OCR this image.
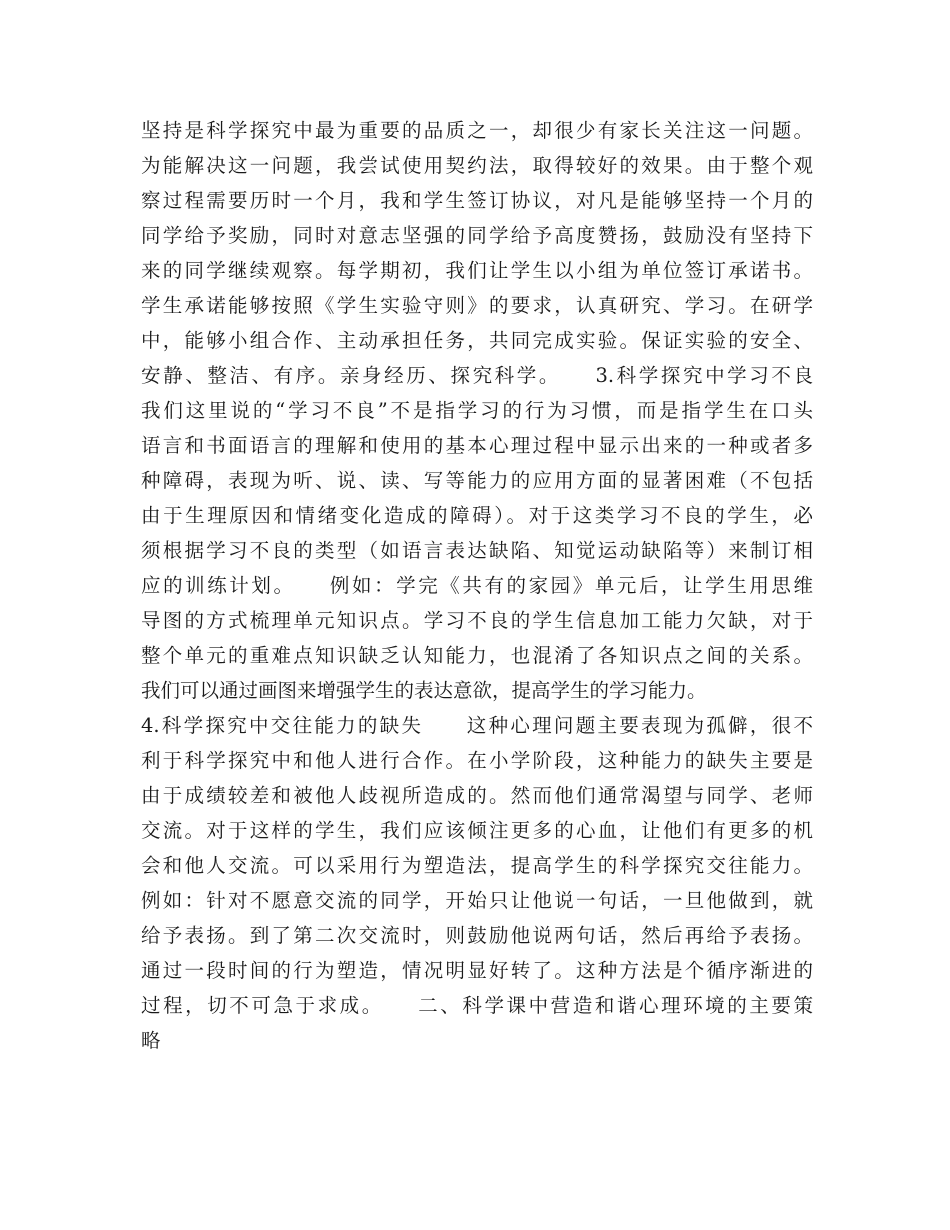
坚持是科学探究中最为重要的品质之一，却很少有家长关注这一问题。
为能解决这一问题，我尝试使用契约法，取得较好的效果。由于整个观
察过程需要历时一个月，我和学生签订协议，对凡是能够坚持一个月的
同学给予奖励，同时对意志坚强的同学给予高度赞扬，鼓励没有坚持下
来的同学继续观察。每学期初，我们让学生以小组为单位签订承诺书。
学生承诺能够按照《学生实验守则》的要求，认真研究、学习。在研学
中，能够小组合作、主动承担任务，共同完成实验。保证实验的安全、
安静、整洁、有序。亲身经历、探究科学。　　3.科学探究中学习不良
我们这里说的“学习不良”不是指学习的行为习惯，而是指学生在口头
语言和书面语言的理解和使用的基本心理过程中显示出来的一种或者多
种障碍，表现为听、说、读、写等能力的应用方面的显著困难（不包括
由于生理原因和情绪变化造成的障碍）。对于这类学习不良的学生，必
须根据学习不良的类型（如语言表达缺陷、知觉运动缺陷等）来制订相
应的训练计划。　　例如：学完《共有的家园》单元后，让学生用思维
导图的方式梳理单元知识点。学习不良的学生信息加工能力欠缺，对于
整个单元的重难点知识缺乏认知能力，也混淆了各知识点之间的关系。
我们可以通过画图来增强学生的表达意欲，提高学生的学习能力。　　
4.科学探究中交往能力的缺失　　这种心理问题主要表现为孤僻，很不
利于科学探究中和他人进行合作。在小学阶段，这种能力的缺失主要是
由于成绩较差和被他人歧视所造成的。然而他们通常渴望与同学、老师
交流。对于这样的学生，我们应该倾注更多的心血，让他们有更多的机
会和他人交流。可以采用行为塑造法，提高学生的科学探究交往能力。
例如：针对不愿意交流的同学，开始只让他说一句话，一旦他做到，就
给予表扬。到了第二次交流时，则鼓励他说两句话，然后再给予表扬。
通过一段时间的行为塑造，情况明显好转了。这种方法是个循序渐进的
过程，切不可急于求成。　　二、科学课中营造和谐心理环境的主要策
略
